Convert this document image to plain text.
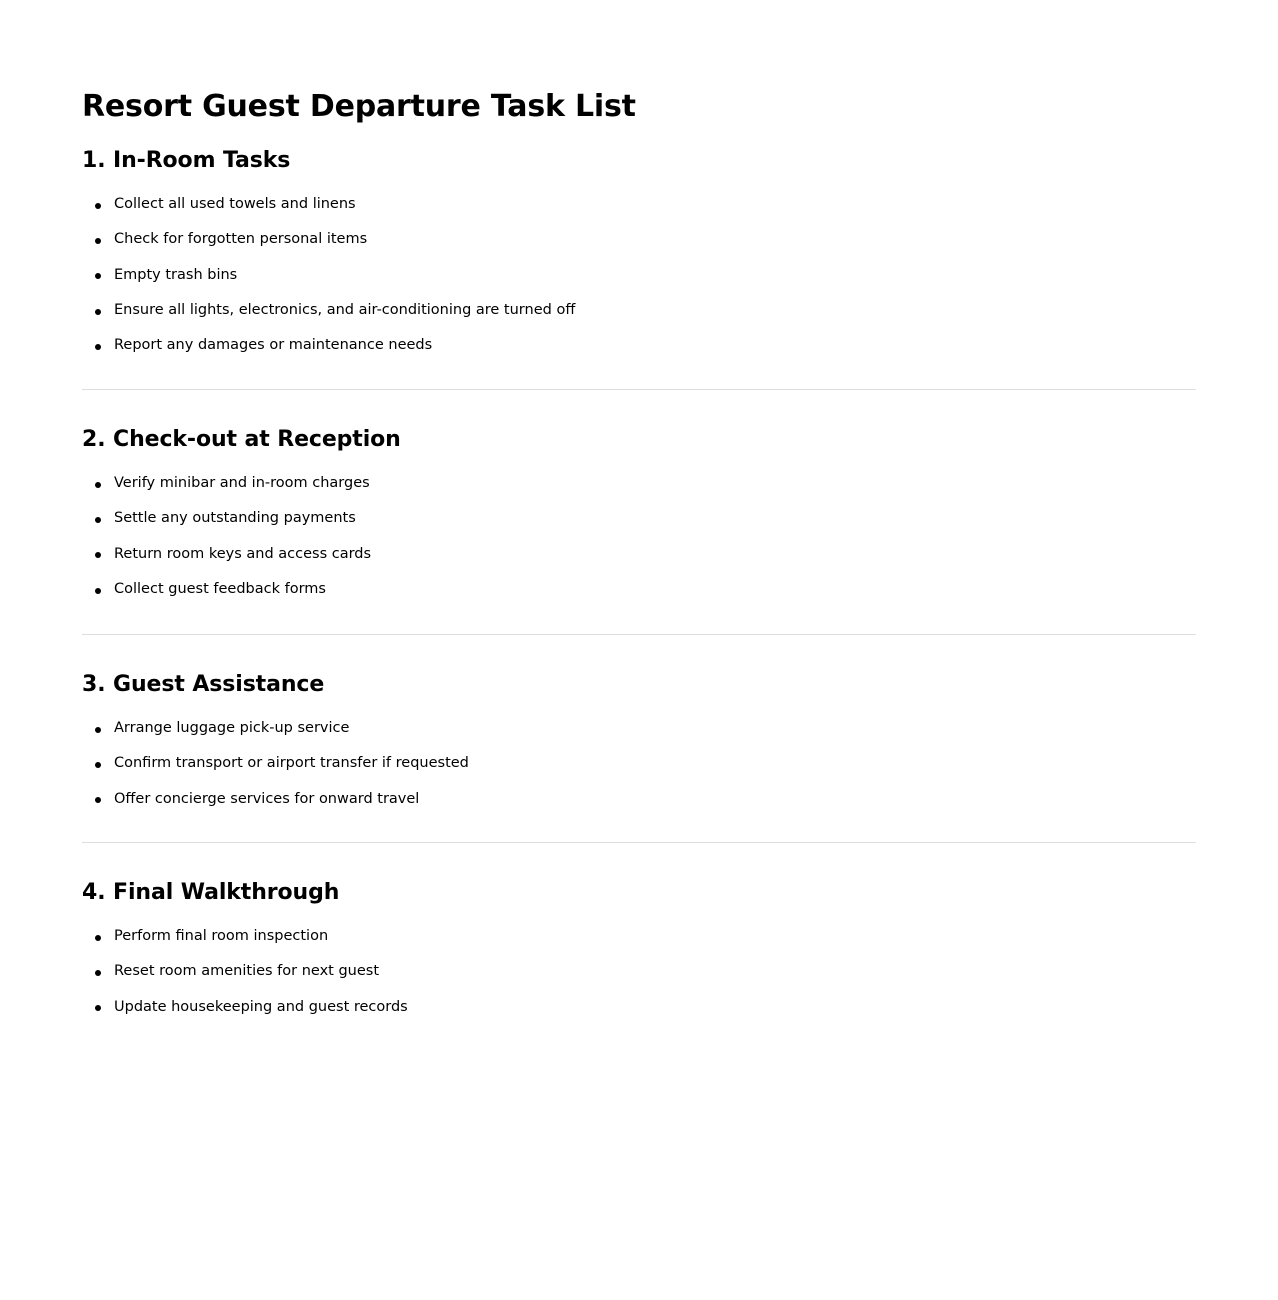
Resort Guest Departure Task List
1. In-Room Tasks
Collect all used towels and linens
Check for forgotten personal items
Empty trash bins
Ensure all lights, electronics, and air-conditioning are turned off
Report any damages or maintenance needs
2. Check-out at Reception
Verify minibar and in-room charges
Settle any outstanding payments
Return room keys and access cards
Collect guest feedback forms
3. Guest Assistance
Arrange luggage pick-up service
Confirm transport or airport transfer if requested
Offer concierge services for onward travel
4. Final Walkthrough
Perform final room inspection
Reset room amenities for next guest
Update housekeeping and guest records
